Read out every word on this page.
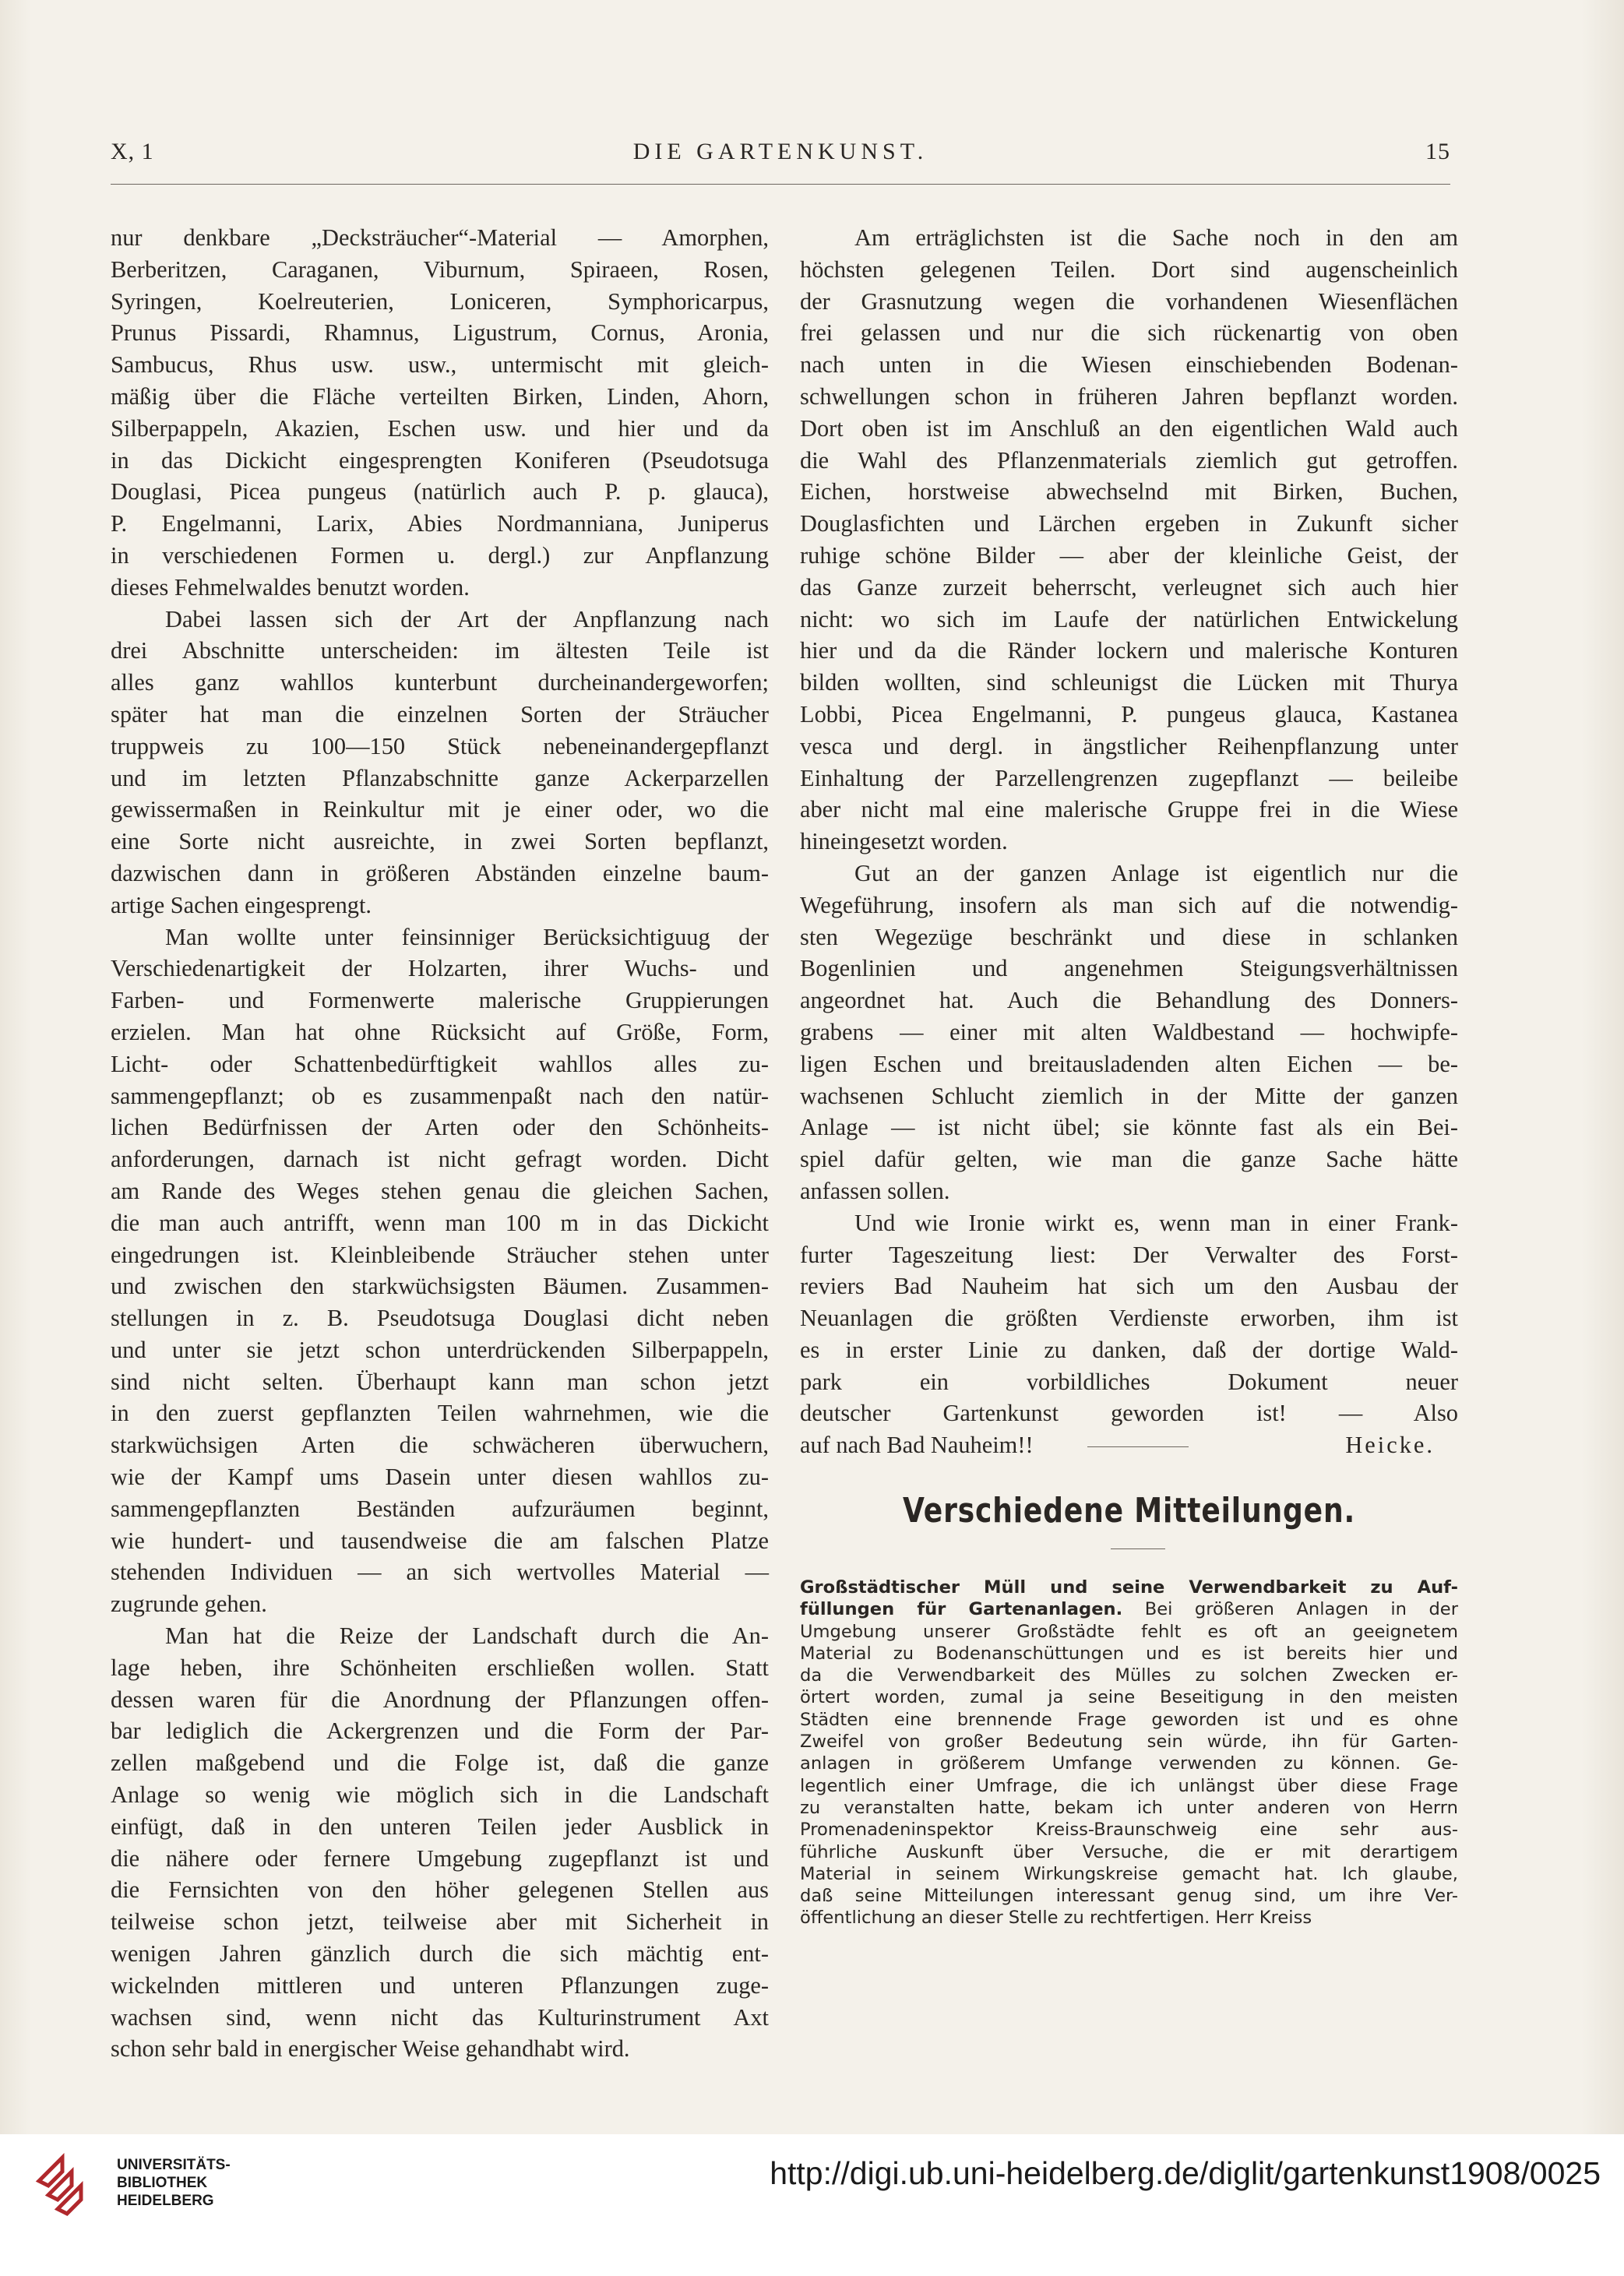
X, 1	DIE GARTENKUNST.	15

nur denkbare „Decksträucher“-Material — Amorphen,
Berberitzen, Caraganen, Viburnum, Spiraeen, Rosen,
Syringen, Koelreuterien, Loniceren, Symphoricarpus,
Prunus Pissardi, Rhamnus, Ligustrum, Cornus, Aronia,
Sambucus, Rhus usw. usw., untermischt mit gleich-
mäßig über die Fläche verteilten Birken, Linden, Ahorn,
Silberpappeln, Akazien, Eschen usw. und hier und da
in das Dickicht eingesprengten Koniferen (Pseudotsuga
Douglasi, Picea pungeus (natürlich auch P. p. glauca),
P. Engelmanni, Larix, Abies Nordmanniana, Juniperus
in verschiedenen Formen u. dergl.) zur Anpflanzung
dieses Fehmelwaldes benutzt worden.

Dabei lassen sich der Art der Anpflanzung nach
drei Abschnitte unterscheiden: im ältesten Teile ist
alles ganz wahllos kunterbunt durcheinandergeworfen;
später hat man die einzelnen Sorten der Sträucher
truppweis zu 100—150 Stück nebeneinandergepflanzt
und im letzten Pflanzabschnitte ganze Ackerparzellen
gewissermaßen in Reinkultur mit je einer oder, wo die
eine Sorte nicht ausreichte, in zwei Sorten bepflanzt,
dazwischen dann in größeren Abständen einzelne baum-
artige Sachen eingesprengt.

Man wollte unter feinsinniger Berücksichtiguug der
Verschiedenartigkeit der Holzarten, ihrer Wuchs- und
Farben- und Formenwerte malerische Gruppierungen
erzielen. Man hat ohne Rücksicht auf Größe, Form,
Licht- oder Schattenbedürftigkeit wahllos alles zu-
sammengepflanzt; ob es zusammenpaßt nach den natür-
lichen Bedürfnissen der Arten oder den Schönheits-
anforderungen, darnach ist nicht gefragt worden. Dicht
am Rande des Weges stehen genau die gleichen Sachen,
die man auch antrifft, wenn man 100 m in das Dickicht
eingedrungen ist. Kleinbleibende Sträucher stehen unter
und zwischen den starkwüchsigsten Bäumen. Zusammen-
stellungen in z. B. Pseudotsuga Douglasi dicht neben
und unter sie jetzt schon unterdrückenden Silberpappeln,
sind nicht selten. Überhaupt kann man schon jetzt
in den zuerst gepflanzten Teilen wahrnehmen, wie die
starkwüchsigen Arten die schwächeren überwuchern,
wie der Kampf ums Dasein unter diesen wahllos zu-
sammengepflanzten Beständen aufzuräumen beginnt,
wie hundert- und tausendweise die am falschen Platze
stehenden Individuen — an sich wertvolles Material —
zugrunde gehen.

Man hat die Reize der Landschaft durch die An-
lage heben, ihre Schönheiten erschließen wollen. Statt
dessen waren für die Anordnung der Pflanzungen offen-
bar lediglich die Ackergrenzen und die Form der Par-
zellen maßgebend und die Folge ist, daß die ganze
Anlage so wenig wie möglich sich in die Landschaft
einfügt, daß in den unteren Teilen jeder Ausblick in
die nähere oder fernere Umgebung zugepflanzt ist und
die Fernsichten von den höher gelegenen Stellen aus
teilweise schon jetzt, teilweise aber mit Sicherheit in
wenigen Jahren gänzlich durch die sich mächtig ent-
wickelnden mittleren und unteren Pflanzungen zuge-
wachsen sind, wenn nicht das Kulturinstrument Axt
schon sehr bald in energischer Weise gehandhabt wird.

Am erträglichsten ist die Sache noch in den am
höchsten gelegenen Teilen. Dort sind augenscheinlich
der Grasnutzung wegen die vorhandenen Wiesenflächen
frei gelassen und nur die sich rückenartig von oben
nach unten in die Wiesen einschiebenden Bodenan-
schwellungen schon in früheren Jahren bepflanzt worden.
Dort oben ist im Anschluß an den eigentlichen Wald auch
die Wahl des Pflanzenmaterials ziemlich gut getroffen.
Eichen, horstweise abwechselnd mit Birken, Buchen,
Douglasfichten und Lärchen ergeben in Zukunft sicher
ruhige schöne Bilder — aber der kleinliche Geist, der
das Ganze zurzeit beherrscht, verleugnet sich auch hier
nicht: wo sich im Laufe der natürlichen Entwickelung
hier und da die Ränder lockern und malerische Konturen
bilden wollten, sind schleunigst die Lücken mit Thurya
Lobbi, Picea Engelmanni, P. pungeus glauca, Kastanea
vesca und dergl. in ängstlicher Reihenpflanzung unter
Einhaltung der Parzellengrenzen zugepflanzt — beileibe
aber nicht mal eine malerische Gruppe frei in die Wiese
hineingesetzt worden.

Gut an der ganzen Anlage ist eigentlich nur die
Wegeführung, insofern als man sich auf die notwendig-
sten Wegezüge beschränkt und diese in schlanken
Bogenlinien und angenehmen Steigungsverhältnissen
angeordnet hat. Auch die Behandlung des Donners-
grabens — einer mit alten Waldbestand — hochwipfe-
ligen Eschen und breitausladenden alten Eichen — be-
wachsenen Schlucht ziemlich in der Mitte der ganzen
Anlage — ist nicht übel; sie könnte fast als ein Bei-
spiel dafür gelten, wie man die ganze Sache hätte
anfassen sollen.

Und wie Ironie wirkt es, wenn man in einer Frank-
furter Tageszeitung liest: Der Verwalter des Forst-
reviers Bad Nauheim hat sich um den Ausbau der
Neuanlagen die größten Verdienste erworben, ihm ist
es in erster Linie zu danken, daß der dortige Wald-
park ein vorbildliches Dokument neuer
deutscher Gartenkunst geworden ist! — Also
auf nach Bad Nauheim!!	Heicke.

Verschiedene Mitteilungen.
Großstädtischer Müll und seine Verwendbarkeit zu Auf-
füllungen für Gartenanlagen. Bei größeren Anlagen in der
Umgebung unserer Großstädte fehlt es oft an geeignetem
Material zu Bodenanschüttungen und es ist bereits hier und
da die Verwendbarkeit des Mülles zu solchen Zwecken er-
örtert worden, zumal ja seine Beseitigung in den meisten
Städten eine brennende Frage geworden ist und es ohne
Zweifel von großer Bedeutung sein würde, ihn für Garten-
anlagen in größerem Umfange verwenden zu können. Ge-
legentlich einer Umfrage, die ich unlängst über diese Frage
zu veranstalten hatte, bekam ich unter anderen von Herrn
Promenadeninspektor Kreiss-Braunschweig eine sehr aus-
führliche Auskunft über Versuche, die er mit derartigem
Material in seinem Wirkungskreise gemacht hat. Ich glaube,
daß seine Mitteilungen interessant genug sind, um ihre Ver-
öffentlichung an dieser Stelle zu rechtfertigen. Herr Kreiss
UNIVERSITÄTS-
BIBLIOTHEK
HEIDELBERG
http://digi.ub.uni-heidelberg.de/diglit/gartenkunst1908/0025
